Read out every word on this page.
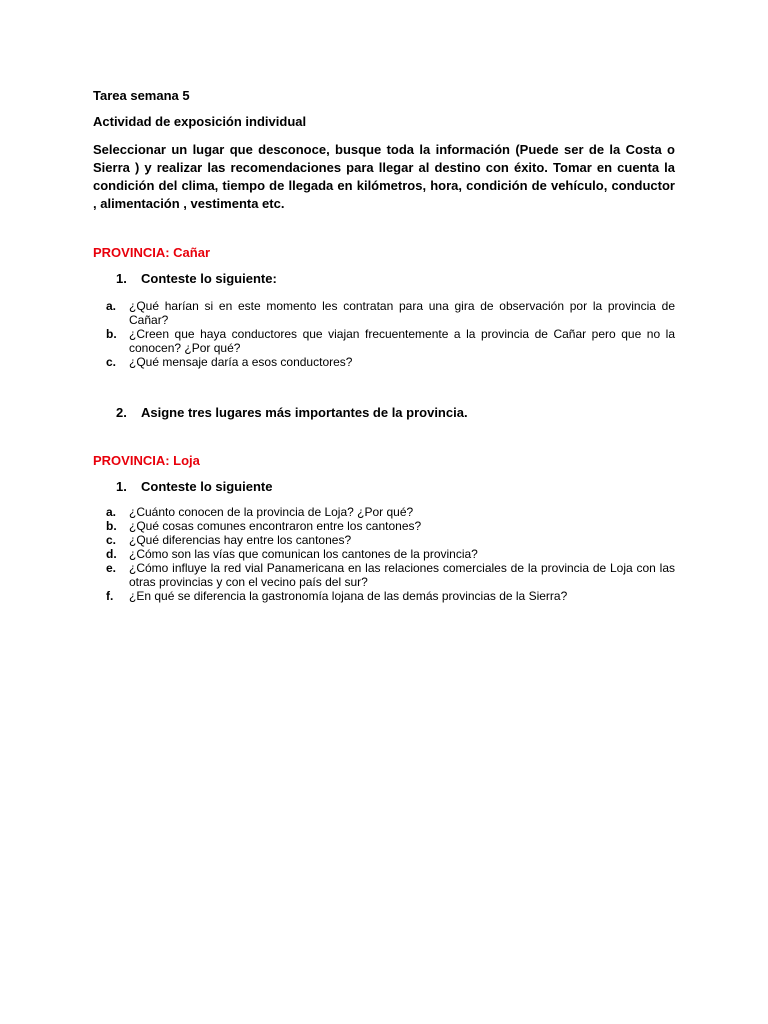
Tarea semana 5
Actividad de exposición individual
Seleccionar un lugar que desconoce, busque toda la información (Puede ser de la Costa o Sierra ) y realizar las recomendaciones para llegar al destino con éxito. Tomar en cuenta la condición del clima, tiempo de llegada en kilómetros, hora, condición de vehículo, conductor , alimentación , vestimenta etc.
PROVINCIA: Cañar
1.	Conteste lo siguiente:
a.	¿Qué harían si en este momento les contratan para una gira de observación por la provincia de Cañar?
b.	¿Creen que haya conductores que viajan frecuentemente a la provincia de Cañar pero que no la conocen? ¿Por qué?
c.	¿Qué mensaje daría a esos conductores?
2.	Asigne tres lugares más importantes de la provincia.
PROVINCIA: Loja
1.	Conteste lo siguiente
a.	¿Cuánto conocen de la provincia de Loja? ¿Por qué?
b.	¿Qué cosas comunes encontraron entre los cantones?
c.	¿Qué diferencias hay entre los cantones?
d.	¿Cómo son las vías que comunican los cantones de la provincia?
e.	¿Cómo influye la red vial Panamericana en las relaciones comerciales de la provincia de Loja con las otras provincias y con el vecino país del sur?
f.	¿En qué se diferencia la gastronomía lojana de las demás provincias de la Sierra?
